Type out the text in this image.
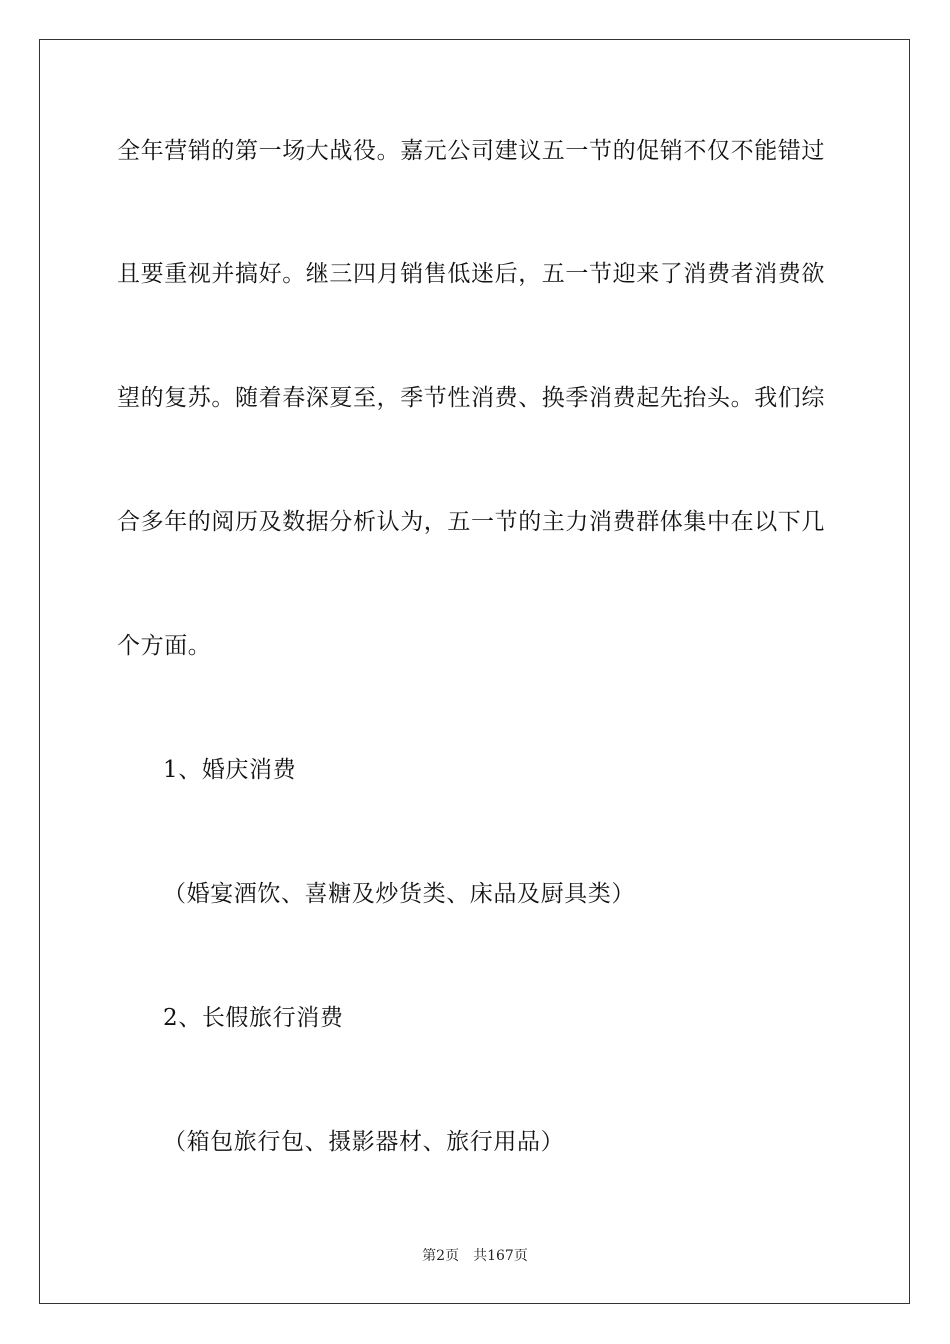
全年营销的第一场大战役。嘉元公司建议五一节的促销不仅不能错过
且要重视并搞好。继三四月销售低迷后，五一节迎来了消费者消费欲
望的复苏。随着春深夏至，季节性消费、换季消费起先抬头。我们综
合多年的阅历及数据分析认为，五一节的主力消费群体集中在以下几
个方面。
1、婚庆消费
（婚宴酒饮、喜糖及炒货类、床品及厨具类）
2、长假旅行消费
（箱包旅行包、摄影器材、旅行用品）
第2页 共167页
